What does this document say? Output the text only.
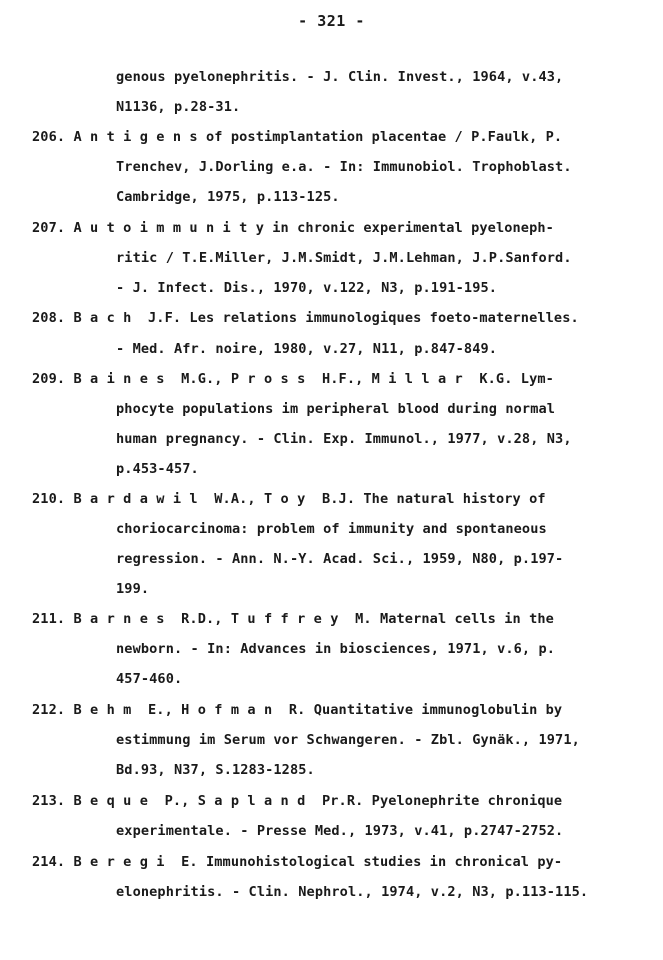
- 321 -
genous pyelonephritis. - J. Clin. Invest., 1964, v.43,
N1136, p.28-31.
206. A n t i g e n s of postimplantation placentae / P.Faulk, P.
Trenchev, J.Dorling e.a. - In: Immunobiol. Trophoblast.
Cambridge, 1975, p.113-125.
207. A u t o i m m u n i t y in chronic experimental pyeloneph-
ritic / T.E.Miller, J.M.Smidt, J.M.Lehman, J.P.Sanford.
- J. Infect. Dis., 1970, v.122, N3, p.191-195.
208. B a c h  J.F. Les relations immunologiques foeto-maternelles.
- Med. Afr. noire, 1980, v.27, N11, p.847-849.
209. B a i n e s  M.G., P r o s s  H.F., M i l l a r  K.G. Lym-
phocyte populations im peripheral blood during normal
human pregnancy. - Clin. Exp. Immunol., 1977, v.28, N3,
p.453-457.
210. B a r d a w i l  W.A., T o y  B.J. The natural history of
choriocarcinoma: problem of immunity and spontaneous
regression. - Ann. N.-Y. Acad. Sci., 1959, N80, p.197-
199.
211. B a r n e s  R.D., T u f f r e y  M. Maternal cells in the
newborn. - In: Advances in biosciences, 1971, v.6, p.
457-460.
212. B e h m  E., H o f m a n  R. Quantitative immunoglobulin by
estimmung im Serum vor Schwangeren. - Zbl. Gynäk., 1971,
Bd.93, N37, S.1283-1285.
213. B e q u e  P., S a p l a n d  Pr.R. Pyelonephrite chronique
experimentale. - Presse Med., 1973, v.41, p.2747-2752.
214. B e r e g i  E. Immunohistological studies in chronical py-
elonephritis. - Clin. Nephrol., 1974, v.2, N3, p.113-115.
